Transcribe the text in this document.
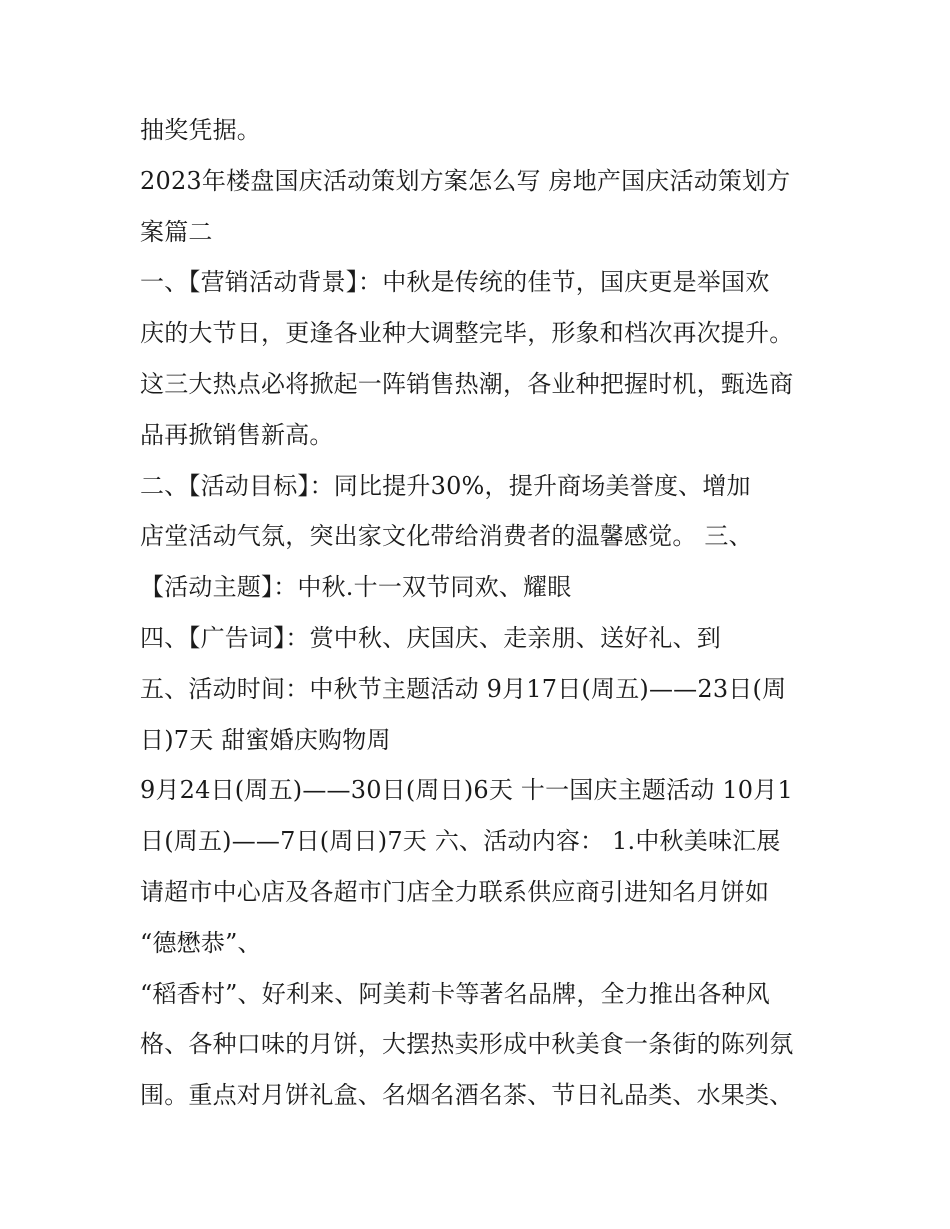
抽奖凭据。
2023年楼盘国庆活动策划方案怎么写 房地产国庆活动策划方
案篇二
一、【营销活动背景】：中秋是传统的佳节，国庆更是举国欢
庆的大节日，更逢各业种大调整完毕，形象和档次再次提升。
这三大热点必将掀起一阵销售热潮，各业种把握时机，甄选商
品再掀销售新高。
二、【活动目标】：同比提升30%，提升商场美誉度、增加
店堂活动气氛，突出家文化带给消费者的温馨感觉。 三、
【活动主题】：中秋.十一双节同欢、耀眼
四、【广告词】：赏中秋、庆国庆、走亲朋、送好礼、到
五、活动时间：中秋节主题活动 9月17日(周五)——23日(周
日)7天 甜蜜婚庆购物周
9月24日(周五)——30日(周日)6天 十一国庆主题活动 10月1
日(周五)——7日(周日)7天 六、活动内容： 1.中秋美味汇展
请超市中心店及各超市门店全力联系供应商引进知名月饼如
“德懋恭”、
“稻香村”、好利来、阿美莉卡等著名品牌，全力推出各种风
格、各种口味的月饼，大摆热卖形成中秋美食一条街的陈列氛
围。重点对月饼礼盒、名烟名酒名茶、节日礼品类、水果类、
